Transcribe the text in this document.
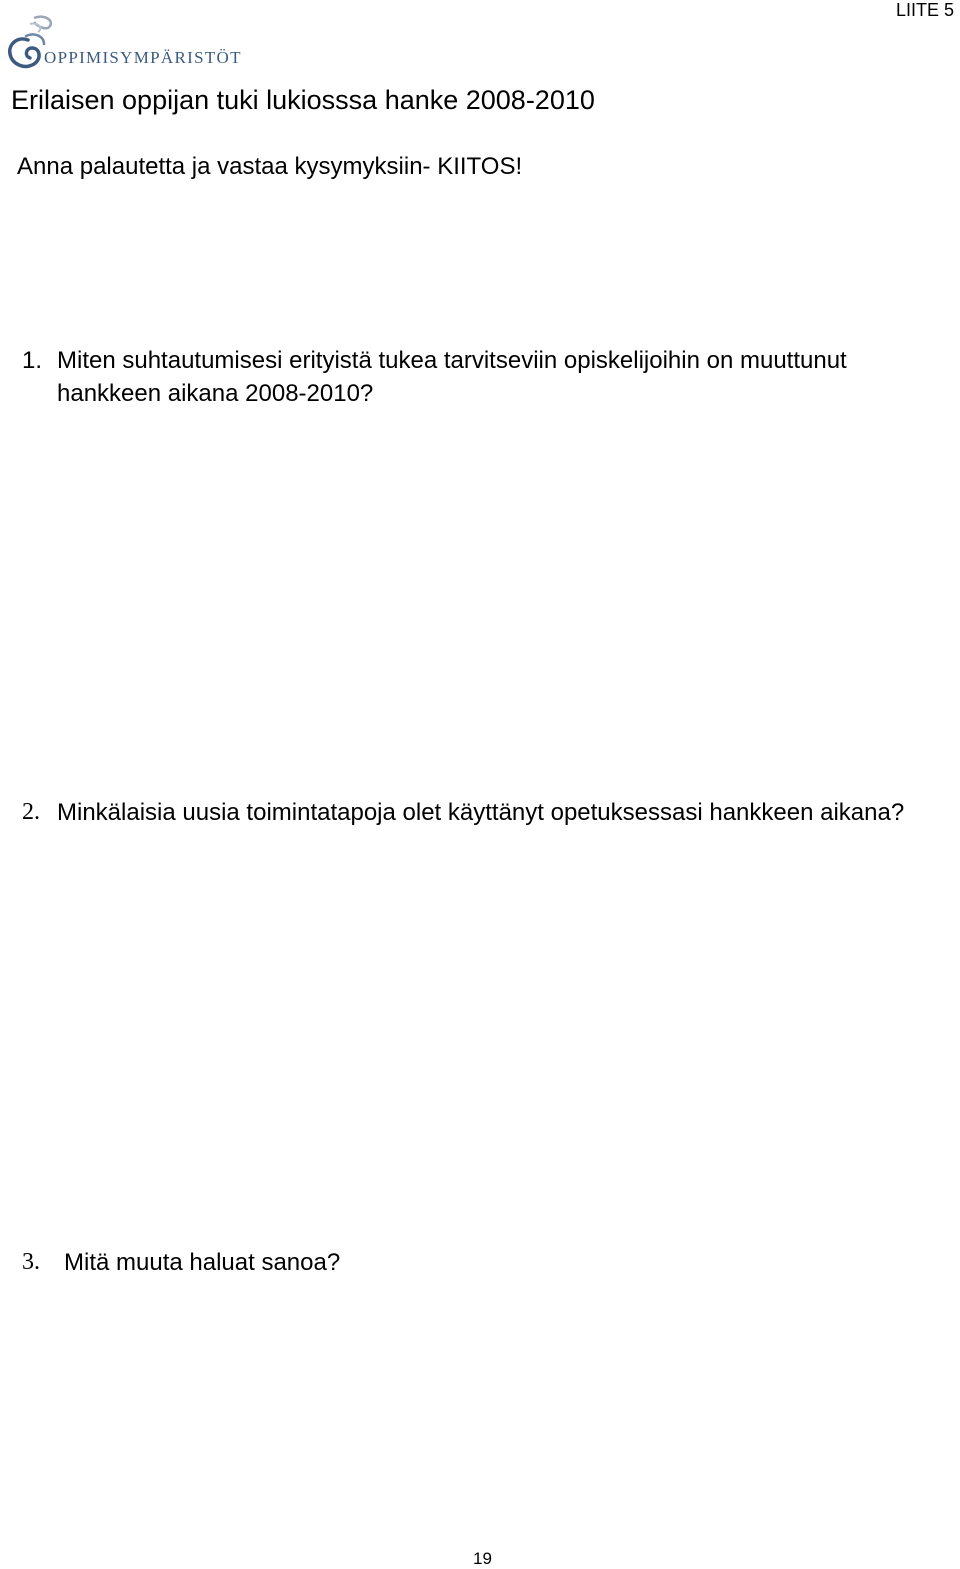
LIITE 5
OPPIMISYMPÄRISTÖT
Erilaisen oppijan tuki lukiosssa hanke 2008-2010
Anna palautetta ja vastaa kysymyksiin- KIITOS!
1. Miten suhtautumisesi erityistä tukea tarvitseviin opiskelijoihin on muuttunut hankkeen aikana 2008-2010?
2. Minkälaisia uusia toimintatapoja olet käyttänyt opetuksessasi hankkeen aikana?
3. Mitä muuta haluat sanoa?
19
